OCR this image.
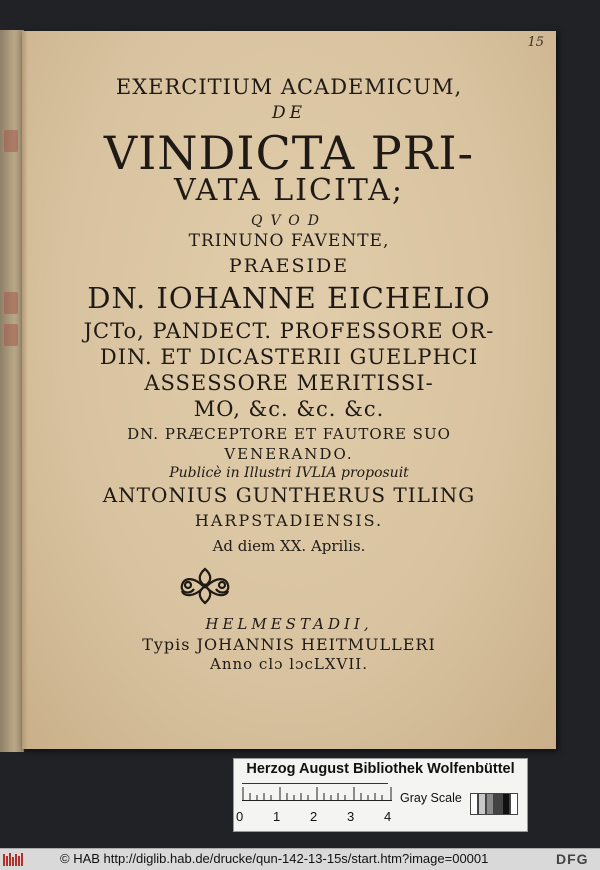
15
EXERCITIUM ACADEMICUM,
DE
VINDICTA PRI-
VATA LICITA;
QVOD
TRINUNO FAVENTE,
PRAESIDE
DN. IOHANNE EICHELIO
JCTo, PANDECT. PROFESSORE OR-
DIN. ET DICASTERII GUELPHCI
ASSESSORE MERITISSI-
MO, &c. &c. &c.
DN. PRÆCEPTORE ET FAUTORE SUO
VENERANDO.
Publicè in Illustri IVLIA proposuit
ANTONIUS GUNTHERUS TILING
HARPSTADIENSIS.
Ad diem XX. Aprilis.
HELMESTADII,
Typis JOHANNIS HEITMULLERI
Anno clɔ lɔcLXVII.
Herzog August Bibliothek Wolfenbüttel
0 1 2 3 4
Gray Scale
© HAB http://diglib.hab.de/drucke/qun-142-13-15s/start.htm?image=00001	DFG
